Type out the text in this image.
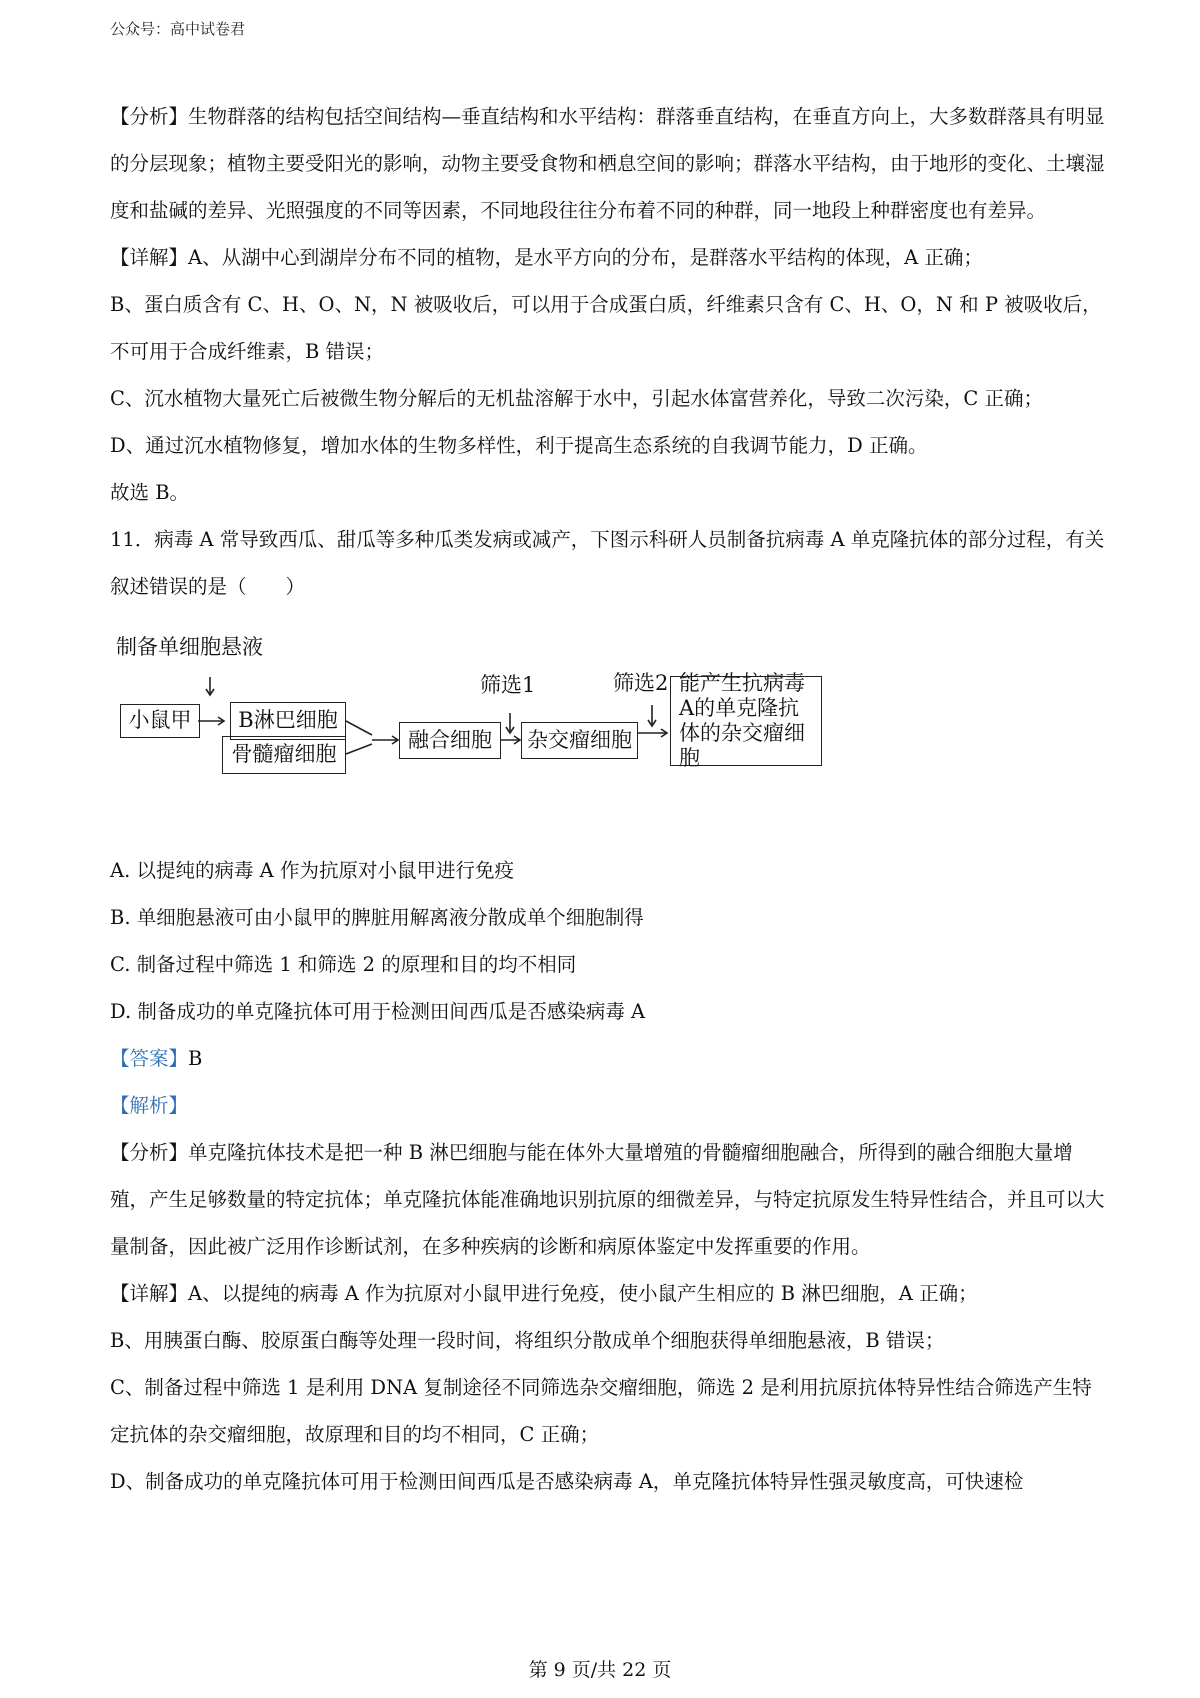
公众号：高中试卷君

【分析】生物群落的结构包括空间结构—垂直结构和水平结构：群落垂直结构，在垂直方向上，大多数群落具有明显的分层现象；植物主要受阳光的影响，动物主要受食物和栖息空间的影响；群落水平结构，由于地形的变化、土壤湿度和盐碱的差异、光照强度的不同等因素，不同地段往往分布着不同的种群，同一地段上种群密度也有差异。

【详解】A、从湖中心到湖岸分布不同的植物，是水平方向的分布，是群落水平结构的体现，A 正确；

B、蛋白质含有 C、H、O、N，N 被吸收后，可以用于合成蛋白质，纤维素只含有 C、H、O，N 和 P 被吸收后，不可用于合成纤维素，B 错误；

C、沉水植物大量死亡后被微生物分解后的无机盐溶解于水中，引起水体富营养化，导致二次污染，C 正确；

D、通过沉水植物修复，增加水体的生物多样性，利于提高生态系统的自我调节能力，D 正确。

故选 B。

11．病毒 A 常导致西瓜、甜瓜等多种瓜类发病或减产，下图示科研人员制备抗病毒 A 单克隆抗体的部分过程，有关叙述错误的是（　　）

制备单细胞悬液
小鼠甲	B淋巴细胞
骨髓瘤细胞
融合细胞
筛选1
杂交瘤细胞
筛选2 能产生抗病毒A的单克隆抗体的杂交瘤细胞

A. 以提纯的病毒 A 作为抗原对小鼠甲进行免疫

B. 单细胞悬液可由小鼠甲的脾脏用解离液分散成单个细胞制得

C. 制备过程中筛选 1 和筛选 2 的原理和目的均不相同

D. 制备成功的单克隆抗体可用于检测田间西瓜是否感染病毒 A

【答案】B

【解析】

【分析】单克隆抗体技术是把一种 B 淋巴细胞与能在体外大量增殖的骨髓瘤细胞融合，所得到的融合细胞大量增殖，产生足够数量的特定抗体；单克隆抗体能准确地识别抗原的细微差异，与特定抗原发生特异性结合，并且可以大量制备，因此被广泛用作诊断试剂，在多种疾病的诊断和病原体鉴定中发挥重要的作用。

【详解】A、以提纯的病毒 A 作为抗原对小鼠甲进行免疫，使小鼠产生相应的 B 淋巴细胞，A 正确；

B、用胰蛋白酶、胶原蛋白酶等处理一段时间，将组织分散成单个细胞获得单细胞悬液，B 错误；

C、制备过程中筛选 1 是利用 DNA 复制途径不同筛选杂交瘤细胞，筛选 2 是利用抗原抗体特异性结合筛选产生特定抗体的杂交瘤细胞，故原理和目的均不相同，C 正确；

D、制备成功的单克隆抗体可用于检测田间西瓜是否感染病毒 A，单克隆抗体特异性强灵敏度高，可快速检

第 9 页/共 22 页
